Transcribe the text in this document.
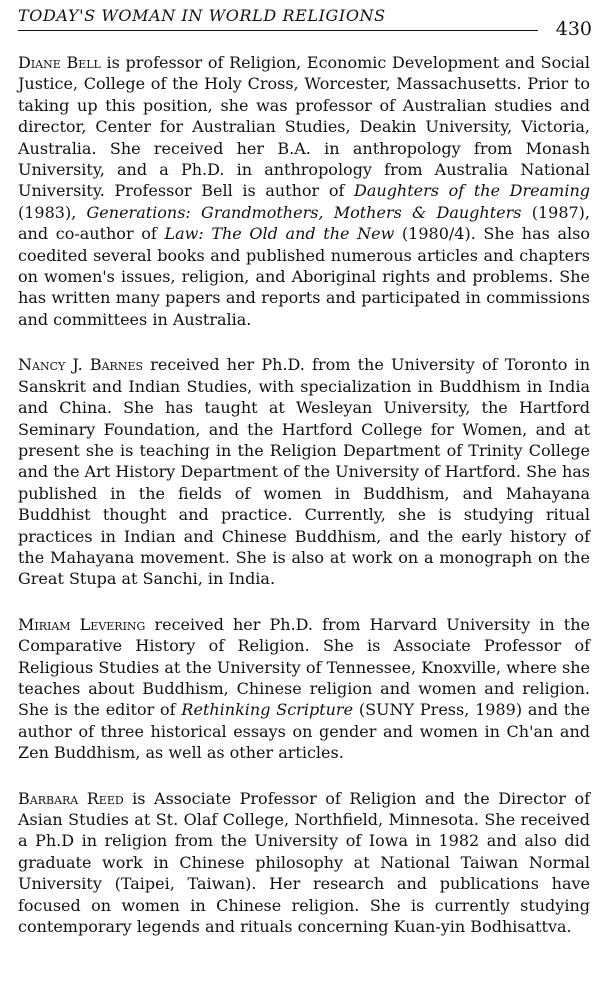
TODAY'S WOMAN IN WORLD RELIGIONS
430

Diane Bell is professor of Religion, Economic Development and Social Justice, College of the Holy Cross, Worcester, Massachusetts. Prior to taking up this position, she was professor of Australian studies and director, Center for Australian Studies, Deakin University, Victoria, Australia. She received her B.A. in anthropology from Monash University, and a Ph.D. in anthropology from Australia National University. Professor Bell is author of Daughters of the Dreaming (1983), Generations: Grandmothers, Mothers & Daughters (1987), and co-author of Law: The Old and the New (1980/4). She has also coedited several books and published numerous articles and chapters on women's issues, religion, and Aboriginal rights and problems. She has written many papers and reports and participated in commissions and committees in Australia.

Nancy J. Barnes received her Ph.D. from the University of Toronto in Sanskrit and Indian Studies, with specialization in Buddhism in India and China. She has taught at Wesleyan University, the Hartford Seminary Foundation, and the Hartford College for Women, and at present she is teaching in the Religion Department of Trinity College and the Art History Department of the University of Hartford. She has published in the fields of women in Buddhism, and Mahayana Buddhist thought and practice. Currently, she is studying ritual practices in Indian and Chinese Buddhism, and the early history of the Mahayana movement. She is also at work on a monograph on the Great Stupa at Sanchi, in India.

Miriam Levering received her Ph.D. from Harvard University in the Comparative History of Religion. She is Associate Professor of Religious Studies at the University of Tennessee, Knoxville, where she teaches about Buddhism, Chinese religion and women and religion. She is the editor of Rethinking Scripture (SUNY Press, 1989) and the author of three historical essays on gender and women in Ch'an and Zen Buddhism, as well as other articles.

Barbara Reed is Associate Professor of Religion and the Director of Asian Studies at St. Olaf College, Northfield, Minnesota. She received a Ph.D in religion from the University of Iowa in 1982 and also did graduate work in Chinese philosophy at National Taiwan Normal University (Taipei, Taiwan). Her research and publications have focused on women in Chinese religion. She is currently studying contemporary legends and rituals concerning Kuan-yin Bodhisattva.
